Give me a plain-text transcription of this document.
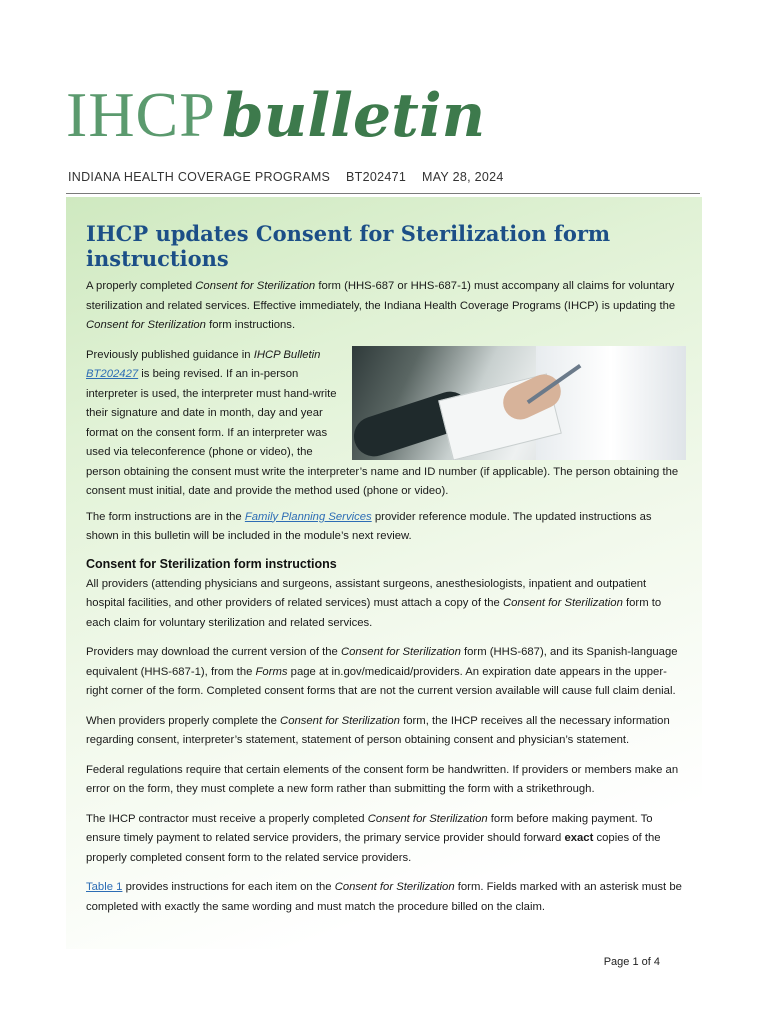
IHCP bulletin
INDIANA HEALTH COVERAGE PROGRAMS BT202471 MAY 28, 2024
IHCP updates Consent for Sterilization form instructions

A properly completed Consent for Sterilization form (HHS-687 or HHS-687-1) must accompany all claims for voluntary sterilization and related services. Effective immediately, the Indiana Health Coverage Programs (IHCP) is updating the Consent for Sterilization form instructions.

Previously published guidance in IHCP Bulletin BT202427 is being revised. If an in-person interpreter is used, the interpreter must hand-write their signature and date in month, day and year format on the consent form. If an interpreter was used via teleconference (phone or video), the person obtaining the consent must write the interpreter’s name and ID number (if applicable). The person obtaining the consent must initial, date and provide the method used (phone or video).

The form instructions are in the Family Planning Services provider reference module. The updated instructions as shown in this bulletin will be included in the module’s next review.

Consent for Sterilization form instructions

All providers (attending physicians and surgeons, assistant surgeons, anesthesiologists, inpatient and outpatient hospital facilities, and other providers of related services) must attach a copy of the Consent for Sterilization form to each claim for voluntary sterilization and related services.

Providers may download the current version of the Consent for Sterilization form (HHS-687), and its Spanish-language equivalent (HHS-687-1), from the Forms page at in.gov/medicaid/providers. An expiration date appears in the upper-right corner of the form. Completed consent forms that are not the current version available will cause full claim denial.

When providers properly complete the Consent for Sterilization form, the IHCP receives all the necessary information regarding consent, interpreter’s statement, statement of person obtaining consent and physician’s statement.

Federal regulations require that certain elements of the consent form be handwritten. If providers or members make an error on the form, they must complete a new form rather than submitting the form with a strikethrough.

The IHCP contractor must receive a properly completed Consent for Sterilization form before making payment. To ensure timely payment to related service providers, the primary service provider should forward exact copies of the properly completed consent form to the related service providers.

Table 1 provides instructions for each item on the Consent for Sterilization form. Fields marked with an asterisk must be completed with exactly the same wording and must match the procedure billed on the claim.

Page 1 of 4
